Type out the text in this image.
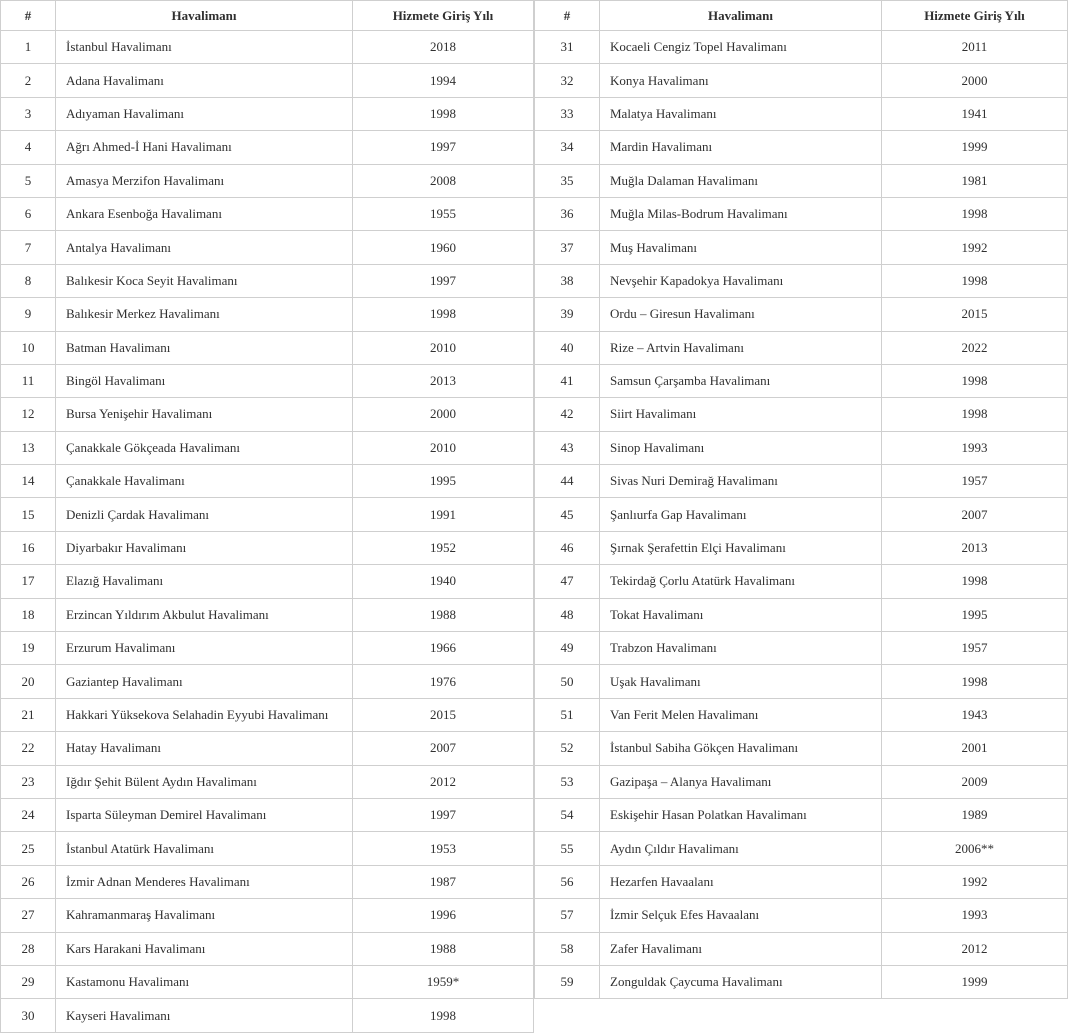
#	Havalimanı	Hizmete Giriş Yılı
1	İstanbul Havalimanı	2018
2	Adana Havalimanı	1994
3	Adıyaman Havalimanı	1998
4	Ağrı Ahmed-İ Hani Havalimanı	1997
5	Amasya Merzifon Havalimanı	2008
6	Ankara Esenboğa Havalimanı	1955
7	Antalya Havalimanı	1960
8	Balıkesir Koca Seyit Havalimanı	1997
9	Balıkesir Merkez Havalimanı	1998
10	Batman Havalimanı	2010
11	Bingöl Havalimanı	2013
12	Bursa Yenişehir Havalimanı	2000
13	Çanakkale Gökçeada Havalimanı	2010
14	Çanakkale Havalimanı	1995
15	Denizli Çardak Havalimanı	1991
16	Diyarbakır Havalimanı	1952
17	Elazığ Havalimanı	1940
18	Erzincan Yıldırım Akbulut Havalimanı	1988
19	Erzurum Havalimanı	1966
20	Gaziantep Havalimanı	1976
21	Hakkari Yüksekova Selahadin Eyyubi Havalimanı	2015
22	Hatay Havalimanı	2007
23	Iğdır Şehit Bülent Aydın Havalimanı	2012
24	Isparta Süleyman Demirel Havalimanı	1997
25	İstanbul Atatürk Havalimanı	1953
26	İzmir Adnan Menderes Havalimanı	1987
27	Kahramanmaraş Havalimanı	1996
28	Kars Harakani Havalimanı	1988
29	Kastamonu Havalimanı	1959*
30	Kayseri Havalimanı	1998
#	Havalimanı	Hizmete Giriş Yılı
31	Kocaeli Cengiz Topel Havalimanı	2011
32	Konya Havalimanı	2000
33	Malatya Havalimanı	1941
34	Mardin Havalimanı	1999
35	Muğla Dalaman Havalimanı	1981
36	Muğla Milas-Bodrum Havalimanı	1998
37	Muş Havalimanı	1992
38	Nevşehir Kapadokya Havalimanı	1998
39	Ordu – Giresun Havalimanı	2015
40	Rize – Artvin Havalimanı	2022
41	Samsun Çarşamba Havalimanı	1998
42	Siirt Havalimanı	1998
43	Sinop Havalimanı	1993
44	Sivas Nuri Demirağ Havalimanı	1957
45	Şanlıurfa Gap Havalimanı	2007
46	Şırnak Şerafettin Elçi Havalimanı	2013
47	Tekirdağ Çorlu Atatürk Havalimanı	1998
48	Tokat Havalimanı	1995
49	Trabzon Havalimanı	1957
50	Uşak Havalimanı	1998
51	Van Ferit Melen Havalimanı	1943
52	İstanbul Sabiha Gökçen Havalimanı	2001
53	Gazipaşa – Alanya Havalimanı	2009
54	Eskişehir Hasan Polatkan Havalimanı	1989
55	Aydın Çıldır Havalimanı	2006**
56	Hezarfen Havaalanı	1992
57	İzmir Selçuk Efes Havaalanı	1993
58	Zafer Havalimanı	2012
59	Zonguldak Çaycuma Havalimanı	1999
